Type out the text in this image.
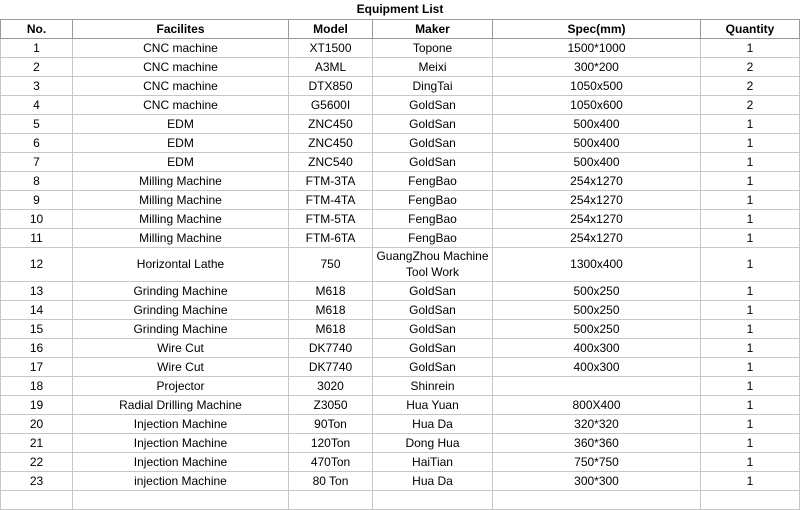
Equipment List					
No.	Facilites	Model	Maker	Spec(mm)	Quantity
1	CNC machine	XT1500	Topone	1500*1000	1
2	CNC machine	A3ML	Meixi	300*200	2
3	CNC machine	DTX850	DingTai	1050x500	2
4	CNC machine	G5600I	GoldSan	1050x600	2
5	EDM	ZNC450	GoldSan	500x400	1
6	EDM	ZNC450	GoldSan	500x400	1
7	EDM	ZNC540	GoldSan	500x400	1
8	Milling Machine	FTM-3TA	FengBao	254x1270	1
9	Milling Machine	FTM-4TA	FengBao	254x1270	1
10	Milling Machine	FTM-5TA	FengBao	254x1270	1
11	Milling Machine	FTM-6TA	FengBao	254x1270	1
12	Horizontal Lathe	750	GuangZhou Machine Tool Work	1300x400	1
13	Grinding Machine	M618	GoldSan	500x250	1
14	Grinding Machine	M618	GoldSan	500x250	1
15	Grinding Machine	M618	GoldSan	500x250	1
16	Wire Cut	DK7740	GoldSan	400x300	1
17	Wire Cut	DK7740	GoldSan	400x300	1
18	Projector	3020	Shinrein		1
19	Radial Drilling Machine	Z3050	Hua Yuan	800X400	1
20	Injection Machine	90Ton	Hua Da	320*320	1
21	Injection Machine	120Ton	Dong Hua	360*360	1
22	Injection Machine	470Ton	HaiTian	750*750	1
23	injection Machine	80 Ton	Hua Da	300*300	1
